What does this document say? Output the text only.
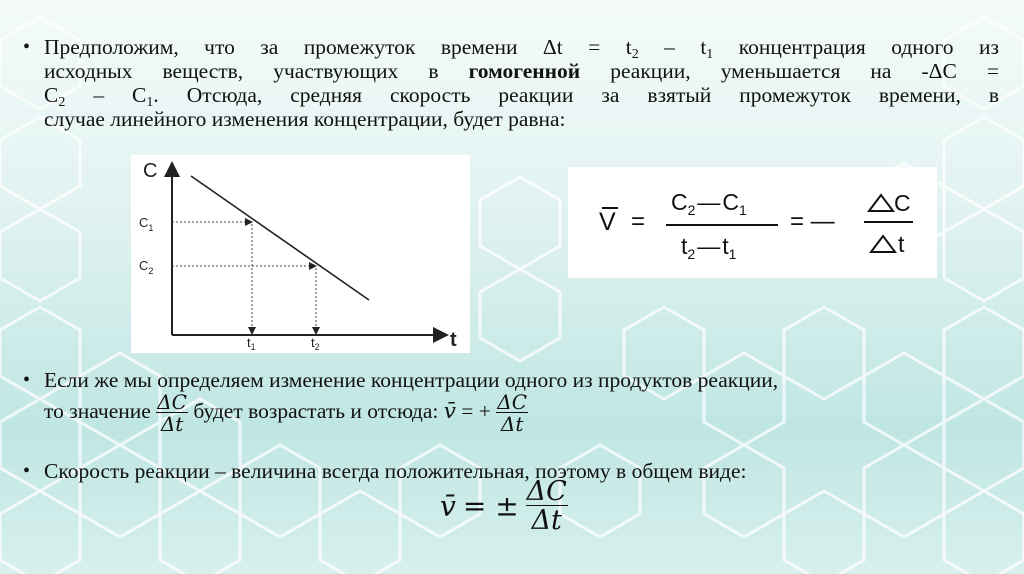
• Предположим, что за промежуток времени $\Delta t = t_2 - t_1$ концентрация одного из
исходных веществ, участвующих в гомогенной реакции, уменьшается на -ΔС =
$С_2 - С_1$. Отсюда, средняя скорость реакции за взятый промежуток времени, в
случае линейного изменения концентрации, будет равна:
C
t
$C_1$
$C_2$
$t_1$	$t_2$
V =
$C_2—C_1$
$t_2—t_1$
= —
C
t
• Если же мы определяем изменение концентрации одного из продуктов реакции,
то значение $\frac{\Delta C}{\Delta t}$ будет возрастать и отсюда: v̄ = + $\frac{\Delta C}{\Delta t}$
• Скорость реакции – величина всегда положительная, поэтому в общем виде:
v̄ = ± $\frac{\Delta C}{\Delta t}$
